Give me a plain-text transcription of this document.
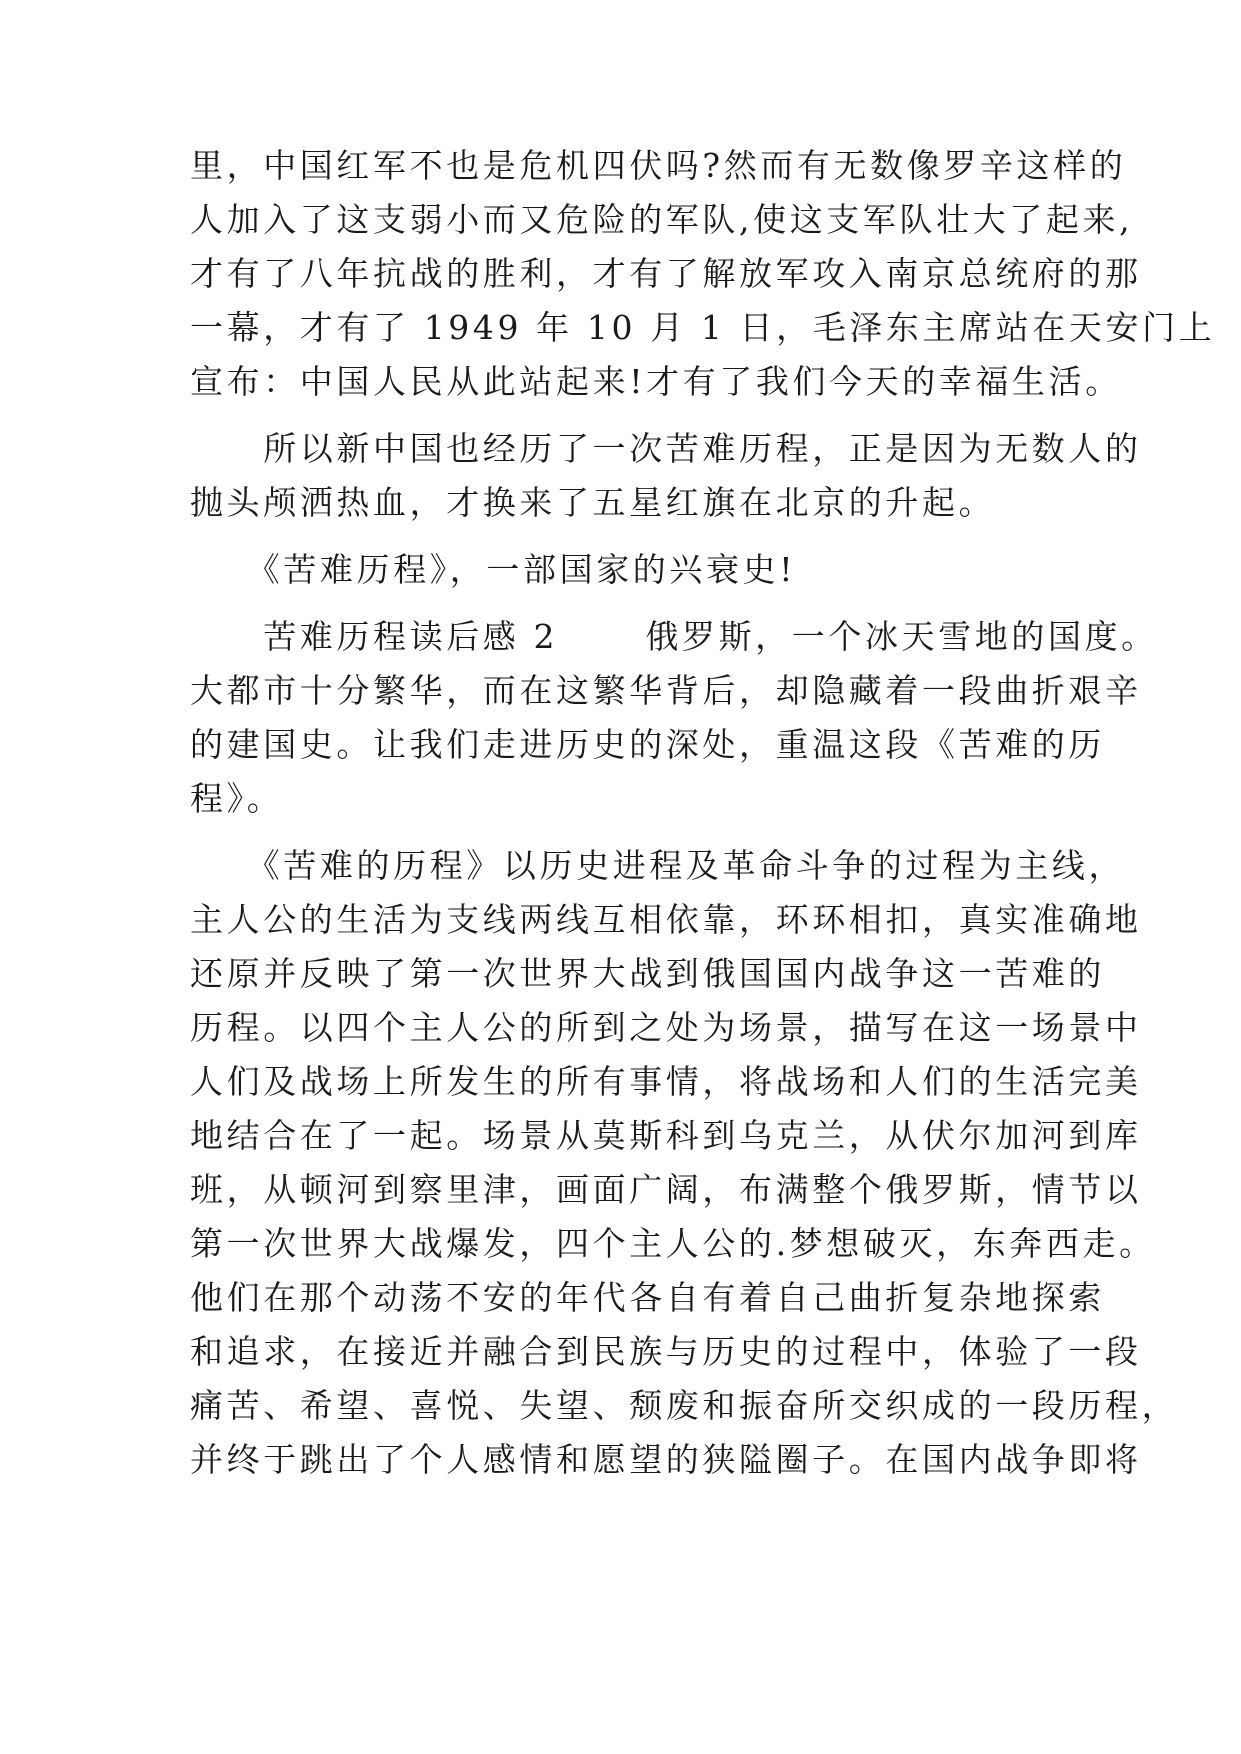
里，中国红军不也是危机四伏吗?然而有无数像罗辛这样的
人加入了这支弱小而又危险的军队,使这支军队壮大了起来,
才有了八年抗战的胜利，才有了解放军攻入南京总统府的那
一幕，才有了 1949 年 10 月 1 日，毛泽东主席站在天安门上
宣布：中国人民从此站起来!才有了我们今天的幸福生活。
　　所以新中国也经历了一次苦难历程，正是因为无数人的
抛头颅洒热血，才换来了五星红旗在北京的升起。
　　《苦难历程》，一部国家的兴衰史!
　　苦难历程读后感 2　　 俄罗斯，一个冰天雪地的国度。
大都市十分繁华，而在这繁华背后，却隐藏着一段曲折艰辛
的建国史。让我们走进历史的深处，重温这段《苦难的历
程》。
　　《苦难的历程》以历史进程及革命斗争的过程为主线，
主人公的生活为支线两线互相依靠，环环相扣，真实准确地
还原并反映了第一次世界大战到俄国国内战争这一苦难的
历程。以四个主人公的所到之处为场景，描写在这一场景中
人们及战场上所发生的所有事情，将战场和人们的生活完美
地结合在了一起。场景从莫斯科到乌克兰，从伏尔加河到库
班，从顿河到察里津，画面广阔，布满整个俄罗斯，情节以
第一次世界大战爆发，四个主人公的.梦想破灭，东奔西走。
他们在那个动荡不安的年代各自有着自己曲折复杂地探索
和追求，在接近并融合到民族与历史的过程中，体验了一段
痛苦、希望、喜悦、失望、颓废和振奋所交织成的一段历程，
并终于跳出了个人感情和愿望的狭隘圈子。在国内战争即将
